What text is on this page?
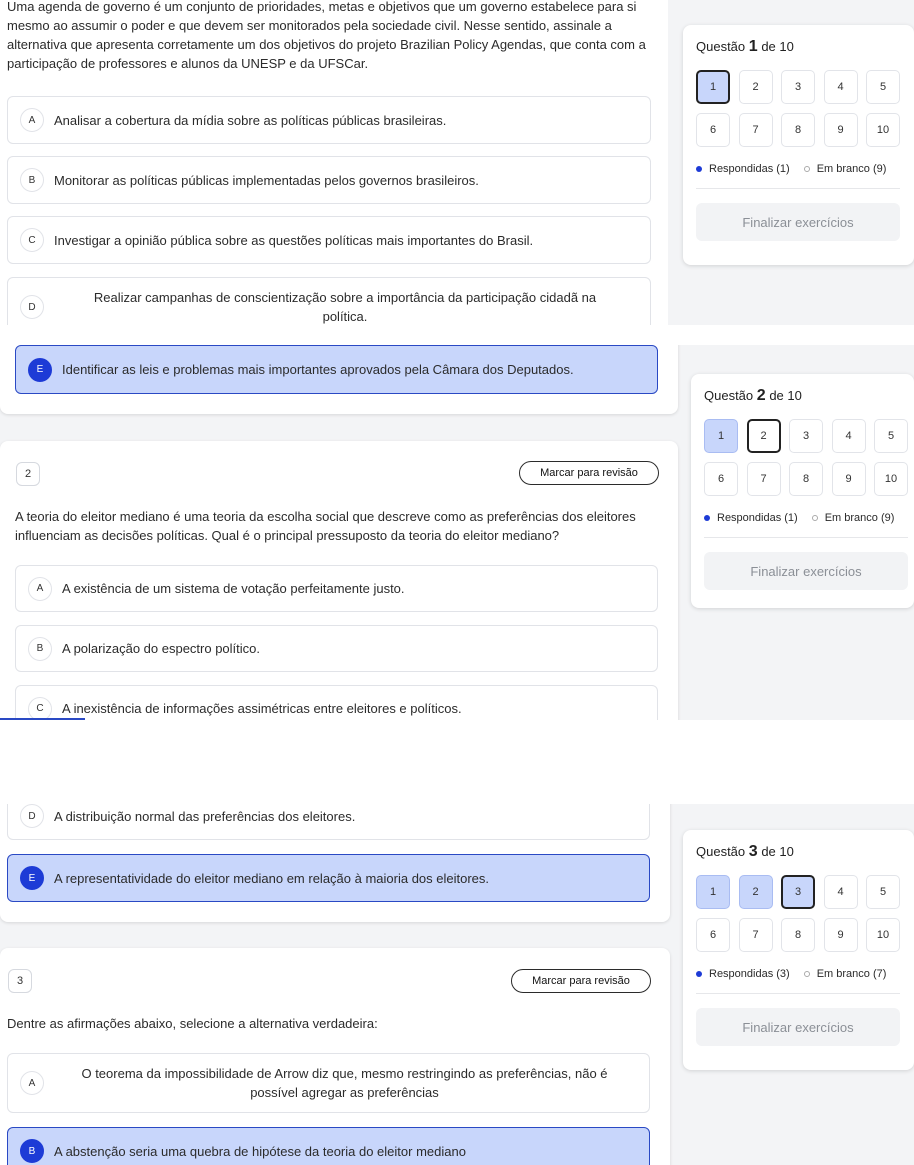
Uma agenda de governo é um conjunto de prioridades, metas e objetivos que um governo estabelece para si mesmo ao assumir o poder e que devem ser monitorados pela sociedade civil. Nesse sentido, assinale a alternativa que apresenta corretamente um dos objetivos do projeto Brazilian Policy Agendas, que conta com a participação de professores e alunos da UNESP e da UFSCar.
A	Analisar a cobertura da mídia sobre as políticas públicas brasileiras.
B	Monitorar as políticas públicas implementadas pelos governos brasileiros.
C	Investigar a opinião pública sobre as questões políticas mais importantes do Brasil.
D
Realizar campanhas de conscientização sobre a importância da participação cidadã na política.
Questão 1 de 10
1	2	3	4	5
6	7	8	9	10
Respondidas (1) Em branco (9)
Finalizar exercícios
E	Identificar as leis e problemas mais importantes aprovados pela Câmara dos Deputados.
2	Marcar para revisão
A teoria do eleitor mediano é uma teoria da escolha social que descreve como as preferências dos eleitores influenciam as decisões políticas. Qual é o principal pressuposto da teoria do eleitor mediano?
A	A existência de um sistema de votação perfeitamente justo.
B	A polarização do espectro político.
C	A inexistência de informações assimétricas entre eleitores e políticos.
Questão 2 de 10
1	2	3	4	5
6	7	8	9	10
Respondidas (1) Em branco (9)
Finalizar exercícios
D	A distribuição normal das preferências dos eleitores.
E	A representatividade do eleitor mediano em relação à maioria dos eleitores.
3	Marcar para revisão
Dentre as afirmações abaixo, selecione a alternativa verdadeira:
A
O teorema da impossibilidade de Arrow diz que, mesmo restringindo as preferências, não é possível agregar as preferências
B	A abstenção seria uma quebra de hipótese da teoria do eleitor mediano
Questão 3 de 10
1	2	3	4	5
6	7	8	9	10
Respondidas (3) Em branco (7)
Finalizar exercícios
